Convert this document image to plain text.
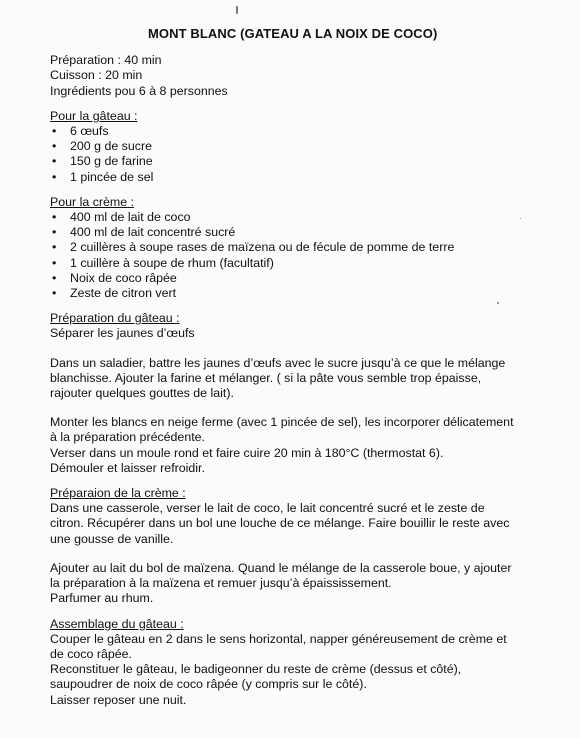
MONT BLANC (GATEAU A LA NOIX DE COCO)
Préparation : 40 min
Cuisson : 20 min
Ingrédients pou 6 à 8 personnes
Pour la gâteau :
• 6 œufs
• 200 g de sucre
• 150 g de farine
• 1 pincée de sel
Pour la crème :
• 400 ml de lait de coco
• 400 ml de lait concentré sucré
• 2 cuillères à soupe rases de maïzena ou de fécule de pomme de terre
• 1 cuillère à soupe de rhum (facultatif)
• Noix de coco râpée
• Zeste de citron vert
Préparation du gâteau :
Séparer les jaunes d’œufs
Dans un saladier, battre les jaunes d’œufs avec le sucre jusqu’à ce que le mélange
blanchisse. Ajouter la farine et mélanger. ( si la pâte vous semble trop épaisse,
rajouter quelques gouttes de lait).
Monter les blancs en neige ferme (avec 1 pincée de sel), les incorporer délicatement
à la préparation précédente.
Verser dans un moule rond et faire cuire 20 min à 180°C (thermostat 6).
Démouler et laisser refroidir.
Préparaion de la crème :
Dans une casserole, verser le lait de coco, le lait concentré sucré et le zeste de
citron. Récupérer dans un bol une louche de ce mélange. Faire bouillir le reste avec
une gousse de vanille.
Ajouter au lait du bol de maïzena. Quand le mélange de la casserole boue, y ajouter
la préparation à la maïzena et remuer jusqu’à épaississement.
Parfumer au rhum.
Assemblage du gâteau :
Couper le gâteau en 2 dans le sens horizontal, napper généreusement de crème et
de coco râpée.
Reconstituer le gâteau, le badigeonner du reste de crème (dessus et côté),
saupoudrer de noix de coco râpée (y compris sur le côté).
Laisser reposer une nuit.
